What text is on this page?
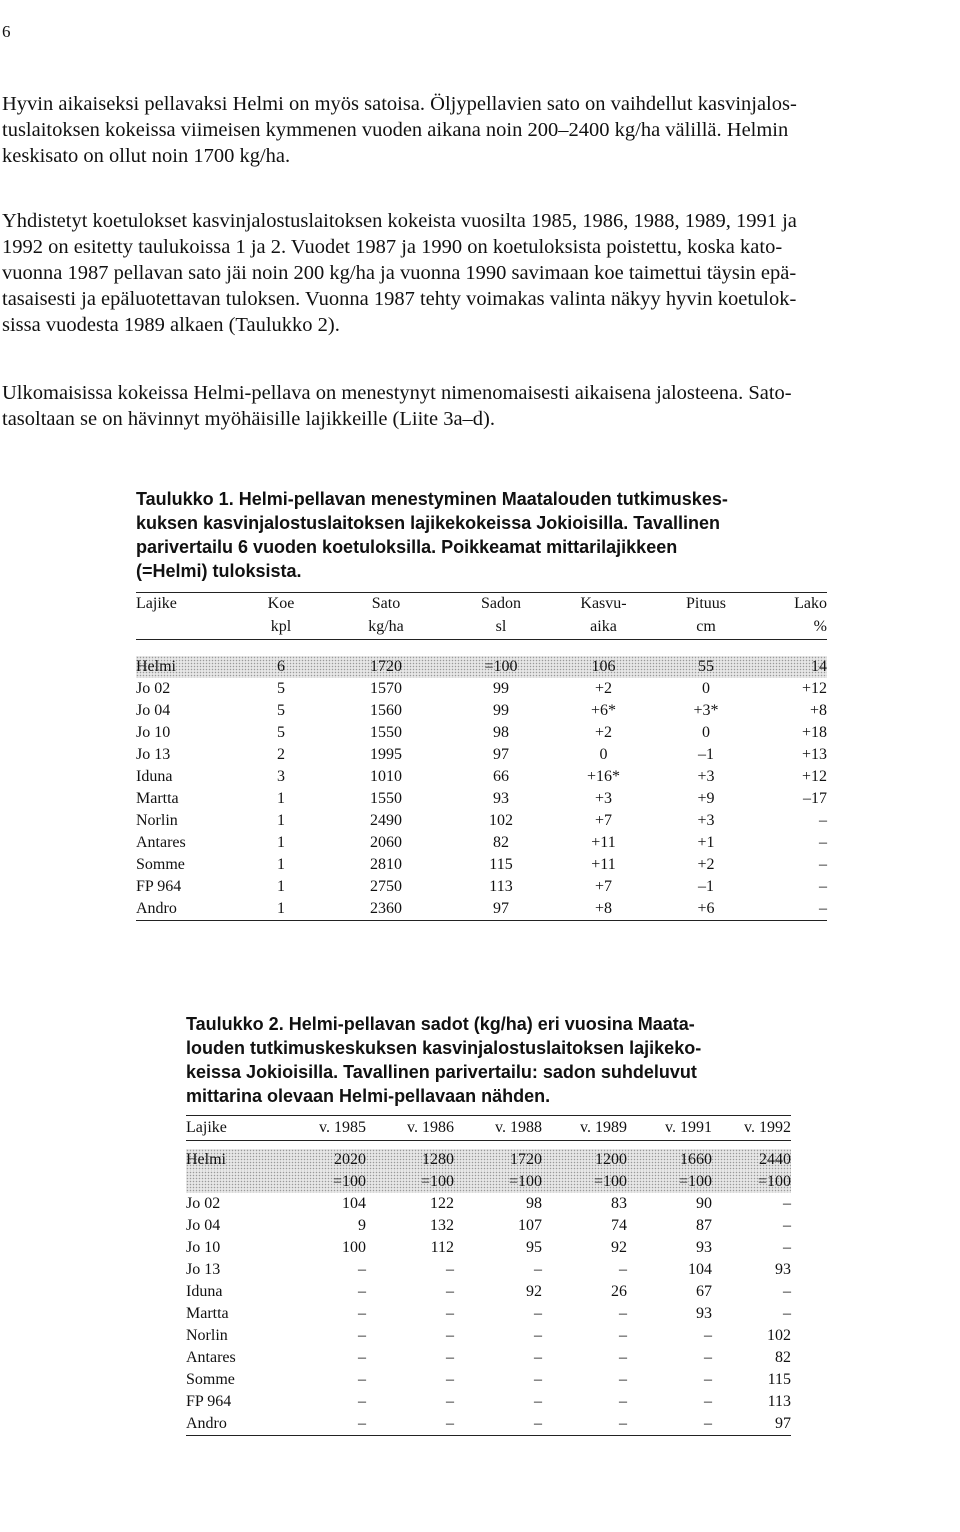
6
Hyvin aikaiseksi pellavaksi Helmi on myös satoisa. Öljypellavien sato on vaihdellut kasvinjalos-
tuslaitoksen kokeissa viimeisen kymmenen vuoden aikana noin 200–2400 kg/ha välillä. Helmin
keskisato on ollut noin 1700 kg/ha.
Yhdistetyt koetulokset kasvinjalostuslaitoksen kokeista vuosilta 1985, 1986, 1988, 1989, 1991 ja
1992 on esitetty taulukoissa 1 ja 2. Vuodet 1987 ja 1990 on koetuloksista poistettu, koska kato-
vuonna 1987 pellavan sato jäi noin 200 kg/ha ja vuonna 1990 savimaan koe taimettui täysin epä-
tasaisesti ja epäluotettavan tuloksen. Vuonna 1987 tehty voimakas valinta näkyy hyvin koetulok-
sissa vuodesta 1989 alkaen (Taulukko 2).
Ulkomaisissa kokeissa Helmi-pellava on menestynyt nimenomaisesti aikaisena jalosteena. Sato-
tasoltaan se on hävinnyt myöhäisille lajikkeille (Liite 3a–d).
Taulukko 1. Helmi-pellavan menestyminen Maatalouden tutkimuskes-
kuksen kasvinjalostuslaitoksen lajikekokeissa Jokioisilla. Tavallinen
parivertailu 6 vuoden koetuloksilla. Poikkeamat mittarilajikkeen
(=Helmi) tuloksista.
Lajike	Koe	Sato	Sadon	Kasvu-	Pituus	Lako
	kpl	kg/ha	sl	aika	cm	%

Helmi	6	1720	=100	106	55	14
Jo 02	5	1570	99	+2	0	+12
Jo 04	5	1560	99	+6*	+3*	+8
Jo 10	5	1550	98	+2	0	+18
Jo 13	2	1995	97	0	–1	+13
Iduna	3	1010	66	+16*	+3	+12
Martta	1	1550	93	+3	+9	–17
Norlin	1	2490	102	+7	+3	–
Antares	1	2060	82	+11	+1	–
Somme	1	2810	115	+11	+2	–
FP 964	1	2750	113	+7	–1	–
Andro	1	2360	97	+8	+6	–
Taulukko 2. Helmi-pellavan sadot (kg/ha) eri vuosina Maata-
louden tutkimuskeskuksen kasvinjalostuslaitoksen lajikeko-
keissa Jokioisilla. Tavallinen parivertailu: sadon suhdeluvut
mittarina olevaan Helmi-pellavaan nähden.
Lajike	v. 1985	v. 1986	v. 1988	v. 1989	v. 1991	v. 1992

Helmi	2020	1280	1720	1200	1660	2440
	=100	=100	=100	=100	=100	=100
Jo 02	104	122	98	83	90	–
Jo 04	9	132	107	74	87	–
Jo 10	100	112	95	92	93	–
Jo 13	–	–	–	–	104	93
Iduna	–	–	92	26	67	–
Martta	–	–	–	–	93	–
Norlin	–	–	–	–	–	102
Antares	–	–	–	–	–	82
Somme	–	–	–	–	–	115
FP 964	–	–	–	–	–	113
Andro	–	–	–	–	–	97
